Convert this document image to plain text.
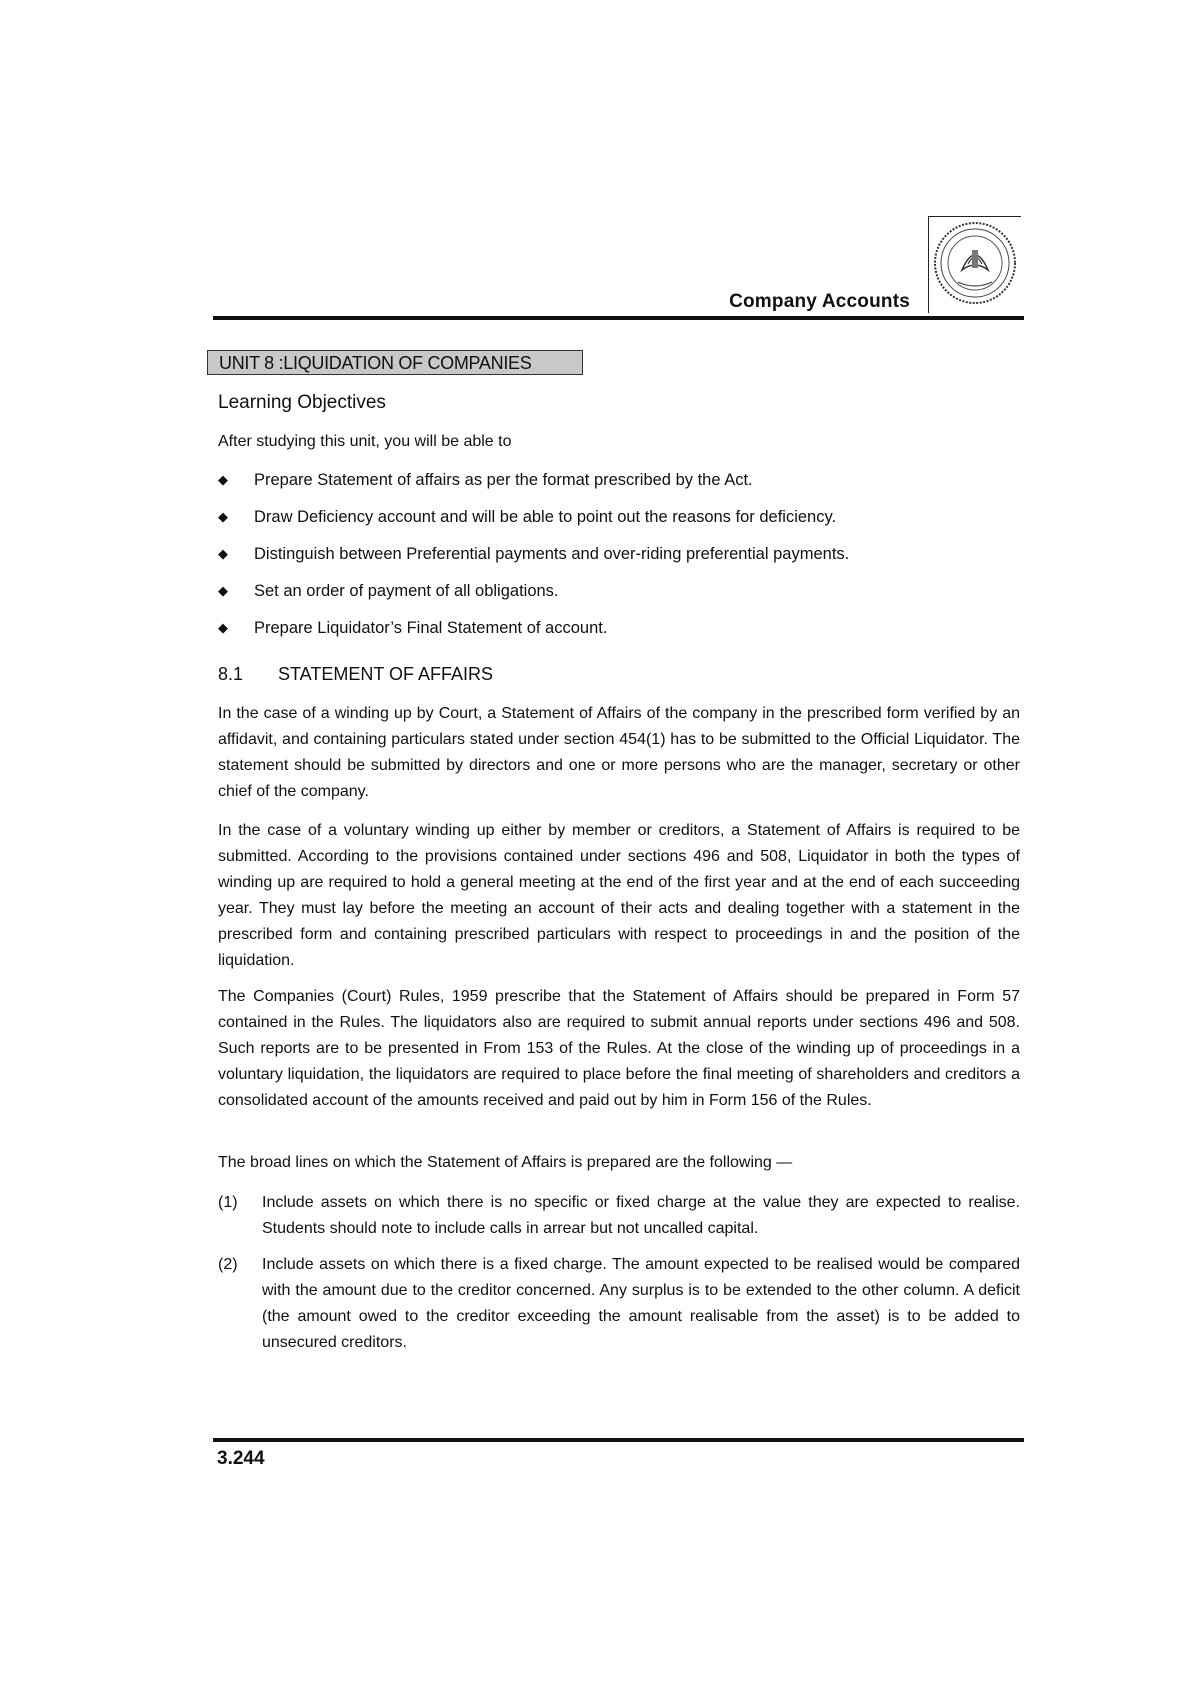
Company Accounts
UNIT 8 :LIQUIDATION OF COMPANIES
Learning Objectives
After studying this unit, you will be able to
◆ Prepare Statement of affairs as per the format prescribed by the Act.
◆ Draw Deficiency account and will be able to point out the reasons for deficiency.
◆ Distinguish between Preferential payments and over-riding preferential payments.
◆ Set an order of payment of all obligations.
◆ Prepare Liquidator’s Final Statement of account.
8.1 STATEMENT OF AFFAIRS

In the case of a winding up by Court, a Statement of Affairs of the company in the prescribed form verified by an affidavit, and containing particulars stated under section 454(1) has to be submitted to the Official Liquidator. The statement should be submitted by directors and one or more persons who are the manager, secretary or other chief of the company.

In the case of a voluntary winding up either by member or creditors, a Statement of Affairs is required to be submitted. According to the provisions contained under sections 496 and 508, Liquidator in both the types of winding up are required to hold a general meeting at the end of the first year and at the end of each succeeding year. They must lay before the meeting an account of their acts and dealing together with a statement in the prescribed form and containing prescribed particulars with respect to proceedings in and the position of the liquidation.

The Companies (Court) Rules, 1959 prescribe that the Statement of Affairs should be prepared in Form 57 contained in the Rules. The liquidators also are required to submit annual reports under sections 496 and 508. Such reports are to be presented in From 153 of the Rules. At the close of the winding up of proceedings in a voluntary liquidation, the liquidators are required to place before the final meeting of shareholders and creditors a consolidated account of the amounts received and paid out by him in Form 156 of the Rules.

The broad lines on which the Statement of Affairs is prepared are the following —

(1) Include assets on which there is no specific or fixed charge at the value they are expected to realise. Students should note to include calls in arrear but not uncalled capital.
(2) Include assets on which there is a fixed charge. The amount expected to be realised would be compared with the amount due to the creditor concerned. Any surplus is to be extended to the other column. A deficit (the amount owed to the creditor exceeding the amount realisable from the asset) is to be added to unsecured creditors.
3.244
